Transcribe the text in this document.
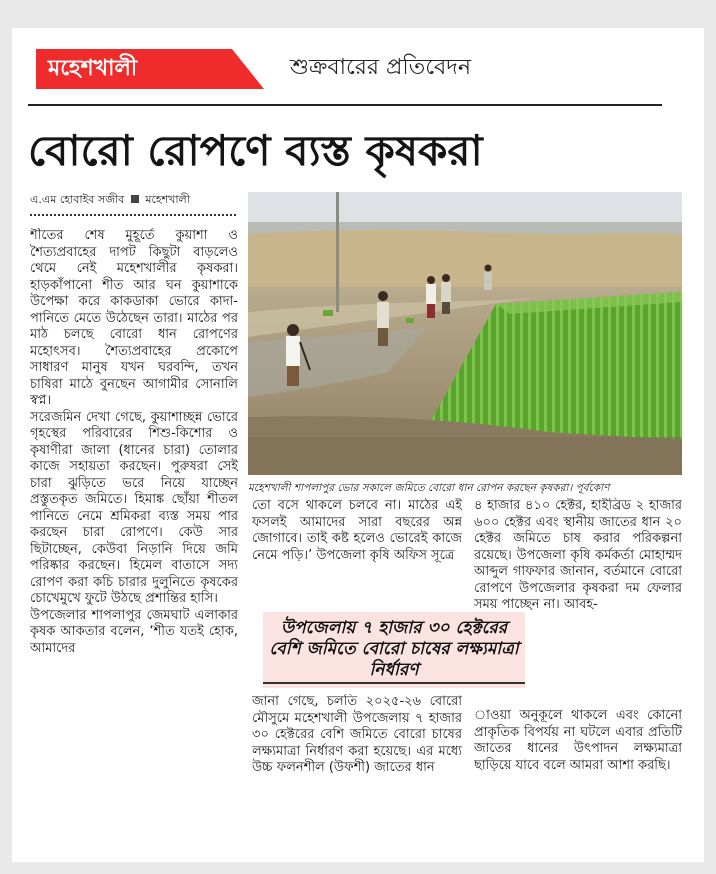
মহেশখালী	শুক্রবারের প্রতিবেদন
বোরো রোপণে ব্যস্ত কৃষকরা
এ.এম হোবাইব সজীব মহেশখালী
মহেশখালী শাপলাপুর ভোর সকালে জমিতে বোরো ধান রোপন করছেন কৃষকরা। পূর্বকোণ

শীতের শেষ মুহূর্তে কুয়াশা ও শৈত্যপ্রবাহের দাপট কিছুটা বাড়লেও থেমে নেই মহেশখালীর কৃষকরা। হাড়কাঁপানো শীত আর ঘন কুয়াশাকে উপেক্ষা করে কাকডাকা ভোরে কাদা-পানিতে মেতে উঠেছেন তারা। মাঠের পর মাঠ চলছে বোরো ধান রোপণের মহোৎসব। শৈত্যপ্রবাহের প্রকোপে সাধারণ মানুষ যখন ঘরবন্দি, তখন চাষিরা মাঠে বুনছেন আগামীর সোনালি স্বপ্ন।

সরেজমিন দেখা গেছে, কুয়াশাচ্ছন্ন ভোরে গৃহস্থের পরিবারের শিশু-কিশোর ও কৃষাণীরা জালা (ধানের চারা) তোলার কাজে সহায়তা করছেন। পুরুষরা সেই চারা ঝুড়িতে ভরে নিয়ে যাচ্ছেন প্রস্তুতকৃত জমিতে। হিমাঙ্ক ছোঁয়া শীতল পানিতে নেমে শ্রমিকরা ব্যস্ত সময় পার করছেন চারা রোপণে। কেউ সার ছিটাচ্ছেন, কেউবা নিড়ানি দিয়ে জমি পরিষ্কার করছেন। হিমেল বাতাসে সদ্য রোপণ করা কচি চারার দুলুনিতে কৃষকের চোখেমুখে ফুটে উঠছে প্রশান্তির হাসি।

উপজেলার শাপলাপুর জেমঘাট এলাকার কৃষক আকতার বলেন, ‘শীত যতই হোক, আমাদের

তো বসে থাকলে চলবে না। মাঠের এই ফসলই আমাদের সারা বছরের অন্ন জোগাবে। তাই কষ্ট হলেও ভোরেই কাজে নেমে পড়ি।’ উপজেলা কৃষি অফিস সূত্রে

উপজেলায় ৭ হাজার ৩০ হেক্টরের বেশি জমিতে বোরো চাষের লক্ষ্যমাত্রা নির্ধারণ

জানা গেছে, চলতি ২০২৫-২৬ বোরো মৌসুমে মহেশখালী উপজেলায় ৭ হাজার ৩০ হেক্টরের বেশি জমিতে বোরো চাষের লক্ষ্যমাত্রা নির্ধারণ করা হয়েছে। এর মধ্যে উচ্চ ফলনশীল (উফশী) জাতের ধান

৪ হাজার ৪১০ হেক্টর, হাইব্রিড ২ হাজার ৬০০ হেক্টর এবং স্থানীয় জাতের ধান ২০ হেক্টর জমিতে চাষ করার পরিকল্পনা রয়েছে। উপজেলা কৃষি কর্মকর্তা মোহাম্মদ আব্দুল গাফফার জানান, বর্তমানে বোরো রোপণে উপজেলার কৃষকরা দম ফেলার সময় পাচ্ছেন না। আবহ-

াওয়া অনুকূলে থাকলে এবং কোনো প্রাকৃতিক বিপর্যয় না ঘটলে এবার প্রতিটি জাতের ধানের উৎপাদন লক্ষ্যমাত্রা ছাড়িয়ে যাবে বলে আমরা আশা করছি।
